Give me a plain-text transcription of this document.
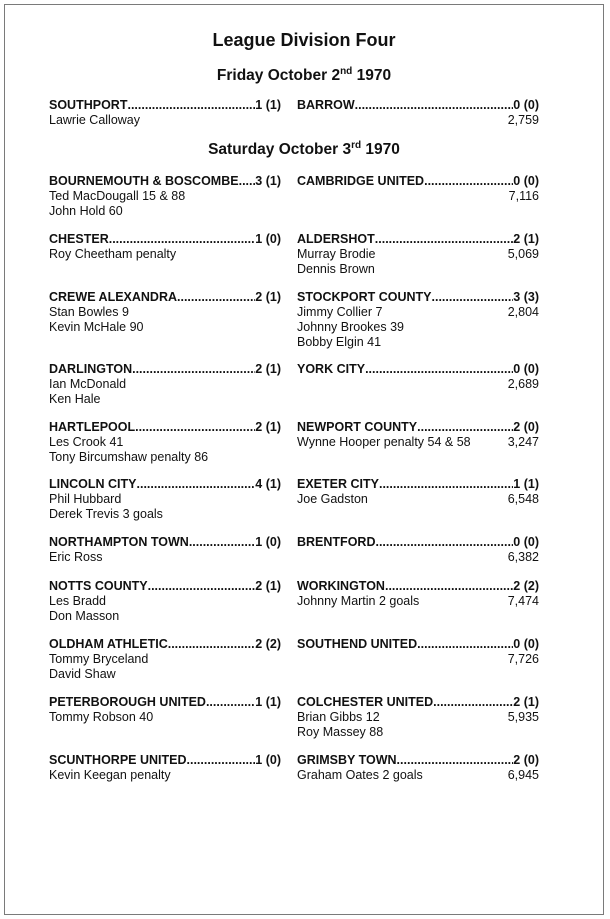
League Division Four
Friday October 2nd 1970
SOUTHPORT .....	1 (1)
Lawrie Calloway
BARROW .....	0 (0)
2,759
Saturday October 3rd 1970
BOURNEMOUTH & BOSCOMBE ..... 3 (1)
Ted MacDougall 15 & 88
John Hold 60
CAMBRIDGE UNITED .....	0 (0)
7,116
CHESTER .....	1 (0)
Roy Cheetham penalty
ALDERSHOT .....	2 (1)
Murray Brodie	5,069
Dennis Brown
CREWE ALEXANDRA .....	2 (1)
Stan Bowles 9
Kevin McHale 90
STOCKPORT COUNTY .....	3 (3)
Jimmy Collier 7	2,804
Johnny Brookes 39
Bobby Elgin 41
DARLINGTON .....	2 (1)
Ian McDonald
Ken Hale
YORK CITY .....	0 (0)
2,689
HARTLEPOOL .....	2 (1)
Les Crook 41
Tony Bircumshaw penalty 86
NEWPORT COUNTY .....	2 (0)
Wynne Hooper penalty 54 & 58	3,247
LINCOLN CITY .....	4 (1)
Phil Hubbard
Derek Trevis 3 goals
EXETER CITY .....	1 (1)
Joe Gadston	6,548
NORTHAMPTON TOWN .....	1 (0)
Eric Ross
BRENTFORD .....	0 (0)
6,382
NOTTS COUNTY .....	2 (1)
Les Bradd
Don Masson
WORKINGTON .....	2 (2)
Johnny Martin 2 goals	7,474
OLDHAM ATHLETIC .....	2 (2)
Tommy Bryceland
David Shaw
SOUTHEND UNITED .....	0 (0)
7,726
PETERBOROUGH UNITED .....	1 (1)
Tommy Robson 40
COLCHESTER UNITED .....	2 (1)
Brian Gibbs 12	5,935
Roy Massey 88
SCUNTHORPE UNITED .....	1 (0)
Kevin Keegan penalty
GRIMSBY TOWN .....	2 (0)
Graham Oates 2 goals	6,945
